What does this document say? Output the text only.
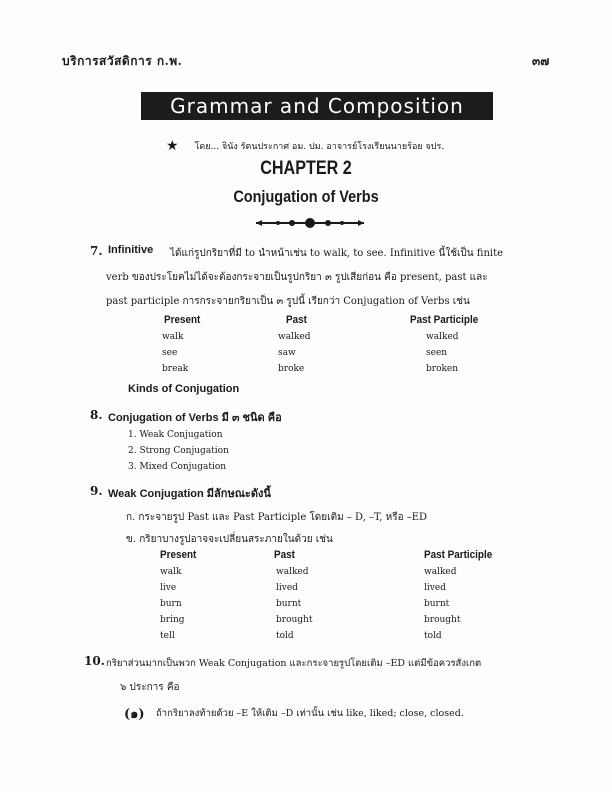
บริการสวัสดิการ ก.พ.	๓๗
Grammar and Composition
★ โดย... จินัง รัตนประกาศ อม. ปม. อาจารย์โรงเรียนนายร้อย จปร.
CHAPTER 2
Conjugation of Verbs
7. Infinitive ได้แก่รูปกริยาที่มี to นำหน้าเช่น to walk, to see. Infinitive นี้ใช้เป็น finite
verb ของประโยคไม่ได้จะต้องกระจายเป็นรูปกริยา ๓ รูปเสียก่อน คือ present, past และ
past participle การกระจายกริยาเป็น ๓ รูปนี้ เรียกว่า Conjugation of Verbs เช่น
Present	Past	Past Participle
walk	walked	walked
see	saw	seen
break	broke	broken
Kinds of Conjugation
8. Conjugation of Verbs มี ๓ ชนิด คือ
1. Weak Conjugation
2. Strong Conjugation
3. Mixed Conjugation
9. Weak Conjugation มีลักษณะดังนี้
ก. กระจายรูป Past และ Past Participle โดยเติม – D, –T, หรือ –ED
ข. กริยาบางรูปอาจจะเปลี่ยนสระภายในด้วย เช่น
Present	Past	Past Participle
walk	walked	walked
live	lived	lived
burn	burnt	burnt
bring	brought	brought
tell	told	told
10. กริยาส่วนมากเป็นพวก Weak Conjugation และกระจายรูปโดยเติม –ED แต่มีข้อควรสังเกต
๖ ประการ คือ
(๑) ถ้ากริยาลงท้ายด้วย –E ให้เติม –D เท่านั้น เช่น like, liked; close, closed.
